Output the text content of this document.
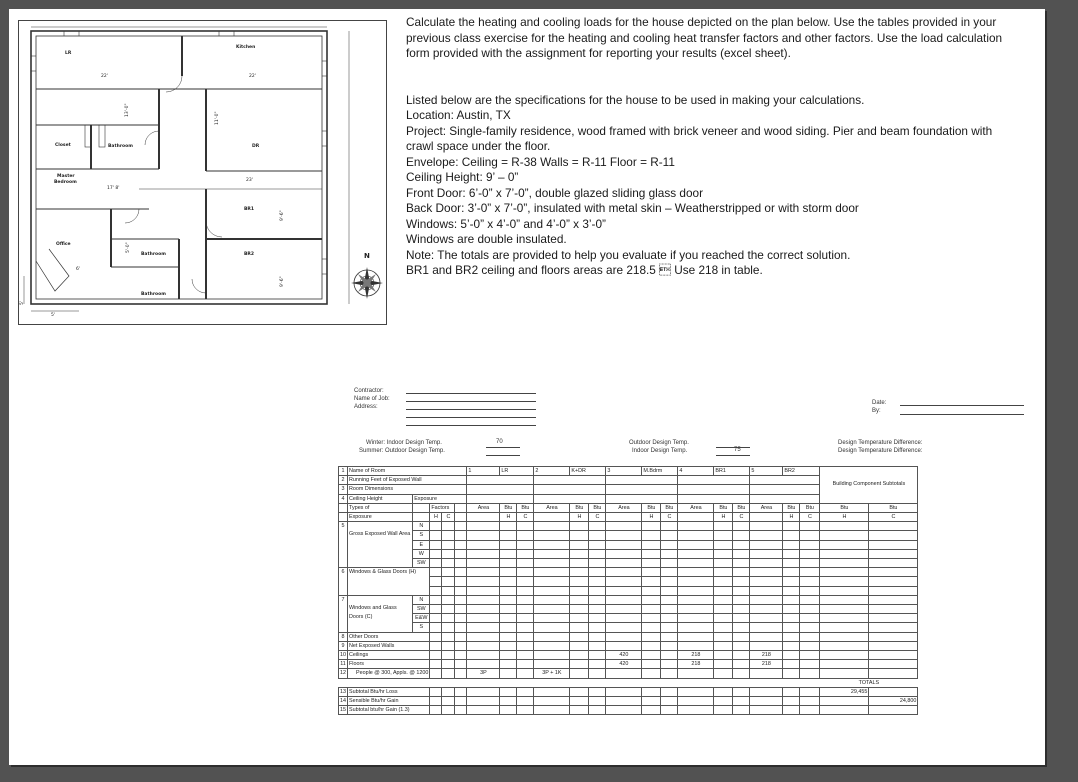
LR
22'
Kitchen
22'
13'-0"
11'-0"
Closet	Bathroom	DR
Master
Bedroom
17' 8'
23'
9'-6"
BR1
5'-0"
Office
6'
Bathroom	BR2
9'-6"
Bathroom
5'
5'
N

Calculate the heating and cooling loads for the house depicted on the plan below. Use the tables provided in your previous class exercise for the heating and cooling heat transfer factors and other factors. Use the load calculation form provided with the assignment for reporting your results (excel sheet).

Listed below are the specifications for the house to be used in making your calculations.

Location: Austin, TX

Project: Single-family residence, wood framed with brick veneer and wood siding. Pier and beam foundation with crawl space under the floor.

Envelope: Ceiling = R-38 Walls = R-11 Floor = R-11

Ceiling Height: 9’ – 0”

Front Door: 6’-0” x 7’-0”, double glazed sliding glass door

Back Door: 3’-0” x 7’-0”, insulated with metal skin – Weatherstripped or with storm door

Windows: 5’-0” x 4’-0” and 4’-0” x 3’-0”

Windows are double insulated.

Note: The totals are provided to help you evaluate if you reached the correct solution.

BR1 and BR2 ceiling and floors areas are 218.5  Use 218 in table.

Contractor:
Name of Job:
Address:
Date:
By:
Winter: Indoor Design Temp.	70
Summer: Outdoor Design Temp.
Outdoor Design Temp.
Indoor Design Temp.	75
Design Temperature Difference:
Design Temperature Difference:
1	Name of Room					1	LR		2	K+DR		3	M.Bdrm		4	BR1		5	BR2		Building Component Subtotals	
2	Running Feet of Exposed Wall																					
3	Room Dimensions																					
4	Ceiling Height	Exposure																				
	Types of		Factors			Area	Btu	Btu	Area	Btu	Btu	Area	Btu	Btu	Area	Btu	Btu	Area	Btu	Btu	Btu	Btu
	Exposure		H	C			H	C		H	C		H	C		H	C		H	C	H	C
5	Gross Exposed Wall Area	N																				
		S																				
		E																				
		W																				
		SW																				
6	Windows & Glass Doors (H)																					

7	Windows and Glass Doors (C)	N																				
		SW																				
		E&W																				
		S																				
8	Other Doors																					
9	Net Exposed Walls																					
10	Ceilings											420			218			218				
11	Floors											420			218			218				
12	People @ 300, Appls. @ 1200					3P			3P + 1K													
																					TOTALS	
13	Subtotal Btu/hr Loss																				29,455	
14	Sensible Btu/hr Gain																					24,800
15	Subtotal btu/hr Gain (1.3)																					
